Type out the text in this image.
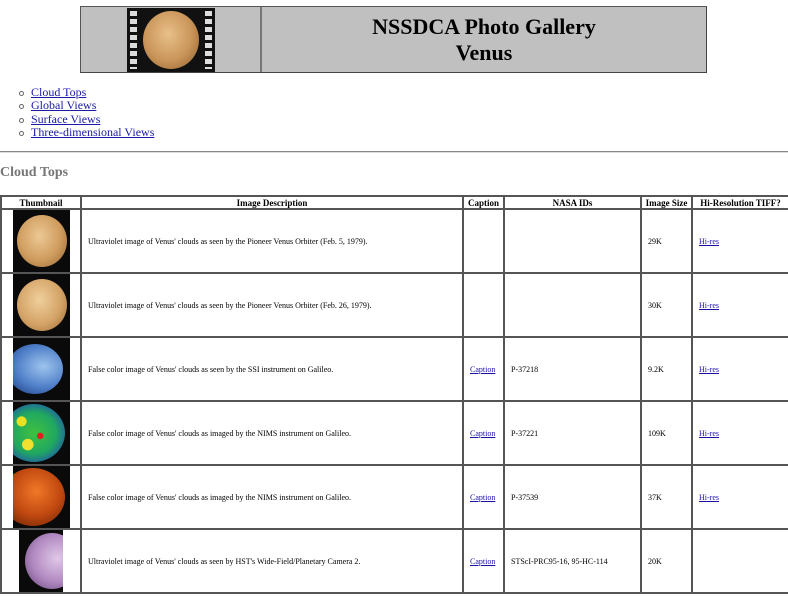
NSSDCA Photo Gallery
Venus
Cloud Tops
Global Views
Surface Views
Three-dimensional Views
Cloud Tops
Thumbnail	Image Description	Caption	NASA IDs	Image Size	Hi-Resolution TIFF?

	Ultraviolet image of Venus' clouds as seen by the Pioneer Venus Orbiter (Feb. 5, 1979).			29K	Hi-res

	Ultraviolet image of Venus' clouds as seen by the Pioneer Venus Orbiter (Feb. 26, 1979).			30K	Hi-res

	False color image of Venus' clouds as seen by the SSI instrument on Galileo.	Caption	P-37218	9.2K	Hi-res

	False color image of Venus' clouds as imaged by the NIMS instrument on Galileo.	Caption	P-37221	109K	Hi-res

	False color image of Venus' clouds as imaged by the NIMS instrument on Galileo.	Caption	P-37539	37K	Hi-res

	Ultraviolet image of Venus' clouds as seen by HST's Wide-Field/Planetary Camera 2.	Caption	STScI-PRC95-16, 95-HC-114	20K	
